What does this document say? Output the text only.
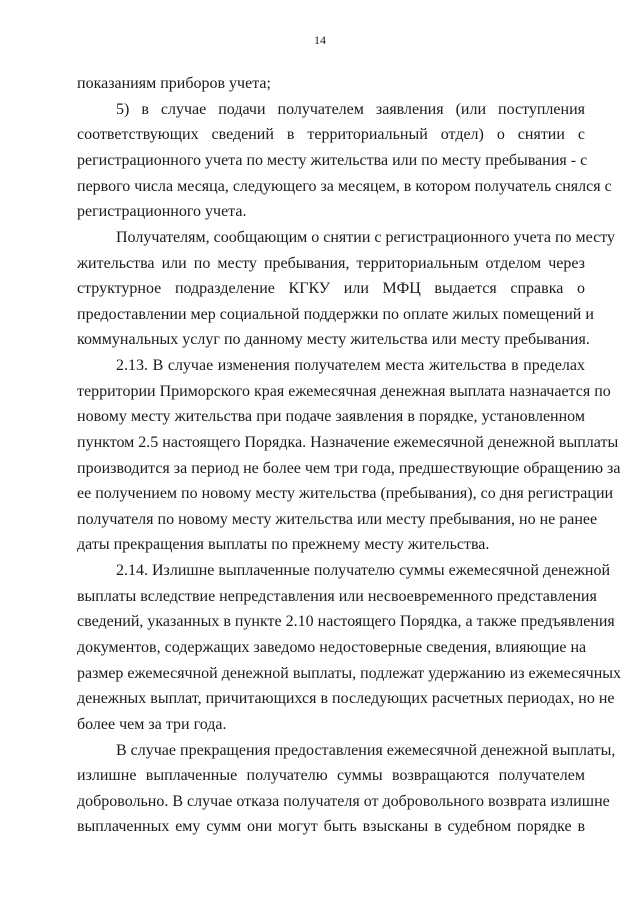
14
показаниям приборов учета;
5) в случае подачи получателем заявления (или поступления
соответствующих сведений в территориальный отдел) о снятии с
регистрационного учета по месту жительства или по месту пребывания - с
первого числа месяца, следующего за месяцем, в котором получатель снялся с
регистрационного учета.
Получателям, сообщающим о снятии с регистрационного учета по месту
жительства или по месту пребывания, территориальным отделом через
структурное подразделение КГКУ или МФЦ выдается справка о
предоставлении мер социальной поддержки по оплате жилых помещений и
коммунальных услуг по данному месту жительства или месту пребывания.
2.13. В случае изменения получателем места жительства в пределах
территории Приморского края ежемесячная денежная выплата назначается по
новому месту жительства при подаче заявления в порядке, установленном
пунктом 2.5 настоящего Порядка. Назначение ежемесячной денежной выплаты
производится за период не более чем три года, предшествующие обращению за
ее получением по новому месту жительства (пребывания), со дня регистрации
получателя по новому месту жительства или месту пребывания, но не ранее
даты прекращения выплаты по прежнему месту жительства.
2.14. Излишне выплаченные получателю суммы ежемесячной денежной
выплаты вследствие непредставления или несвоевременного представления
сведений, указанных в пункте 2.10 настоящего Порядка, а также предъявления
документов, содержащих заведомо недостоверные сведения, влияющие на
размер ежемесячной денежной выплаты, подлежат удержанию из ежемесячных
денежных выплат, причитающихся в последующих расчетных периодах, но не
более чем за три года.
В случае прекращения предоставления ежемесячной денежной выплаты,
излишне выплаченные получателю суммы возвращаются получателем
добровольно. В случае отказа получателя от добровольного возврата излишне
выплаченных ему сумм они могут быть взысканы в судебном порядке в
